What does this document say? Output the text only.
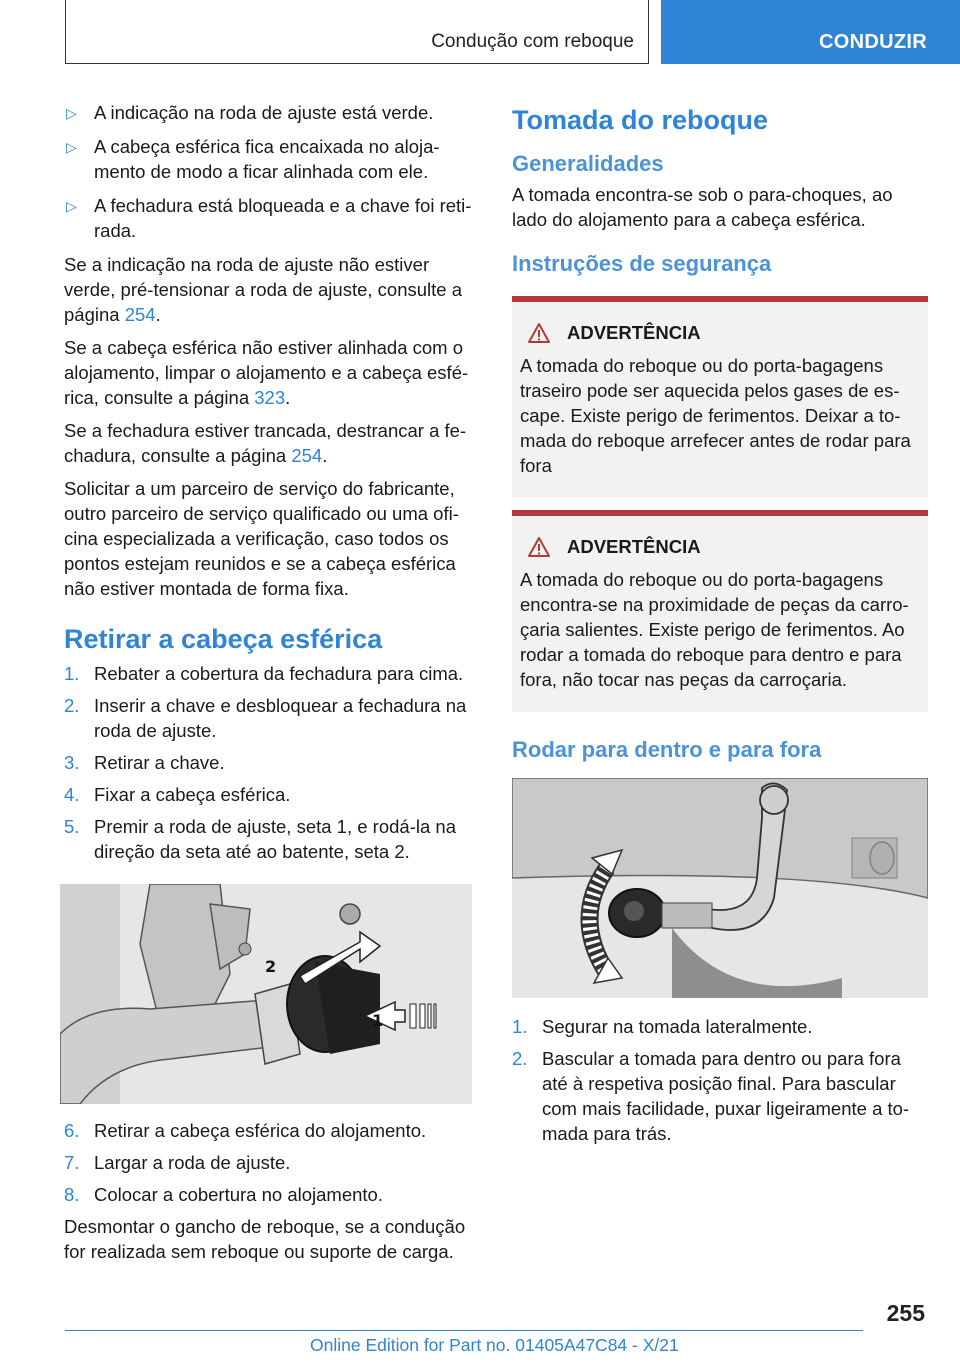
Condução com reboque	CONDUZIR
▷ A indicação na roda de ajuste está verde.
▷ A cabeça esférica fica encaixada no aloja-mento de modo a ficar alinhada com ele.
▷ A fechadura está bloqueada e a chave foi reti-rada.

Se a indicação na roda de ajuste não estiver verde, pré-tensionar a roda de ajuste, consulte a página 254.

Se a cabeça esférica não estiver alinhada com o alojamento, limpar o alojamento e a cabeça esfé-rica, consulte a página 323.

Se a fechadura estiver trancada, destrancar a fe-chadura, consulte a página 254.

Solicitar a um parceiro de serviço do fabricante, outro parceiro de serviço qualificado ou uma ofi-cina especializada a verificação, caso todos os pontos estejam reunidos e se a cabeça esférica não estiver montada de forma fixa.

Retirar a cabeça esférica
1. Rebater a cobertura da fechadura para cima.
2. Inserir a chave e desbloquear a fechadura na roda de ajuste.
3. Retirar a chave.
4. Fixar a cabeça esférica.
5. Premir a roda de ajuste, seta 1, e rodá-la na direção da seta até ao batente, seta 2.
2
1
6. Retirar a cabeça esférica do alojamento.
7. Largar a roda de ajuste.
8. Colocar a cobertura no alojamento.

Desmontar o gancho de reboque, se a condução for realizada sem reboque ou suporte de carga.

Tomada do reboque
Generalidades

A tomada encontra-se sob o para-choques, ao lado do alojamento para a cabeça esférica.

Instruções de segurança
ADVERTÊNCIA

A tomada do reboque ou do porta-bagagens traseiro pode ser aquecida pelos gases de es-cape. Existe perigo de ferimentos. Deixar a to-mada do reboque arrefecer antes de rodar para fora

ADVERTÊNCIA

A tomada do reboque ou do porta-bagagens encontra-se na proximidade de peças da carro-çaria salientes. Existe perigo de ferimentos. Ao rodar a tomada do reboque para dentro e para fora, não tocar nas peças da carroçaria.

Rodar para dentro e para fora
1. Segurar na tomada lateralmente.
2. Bascular a tomada para dentro ou para fora até à respetiva posição final. Para bascular com mais facilidade, puxar ligeiramente a to-mada para trás.
255
Online Edition for Part no. 01405A47C84 - X/21
